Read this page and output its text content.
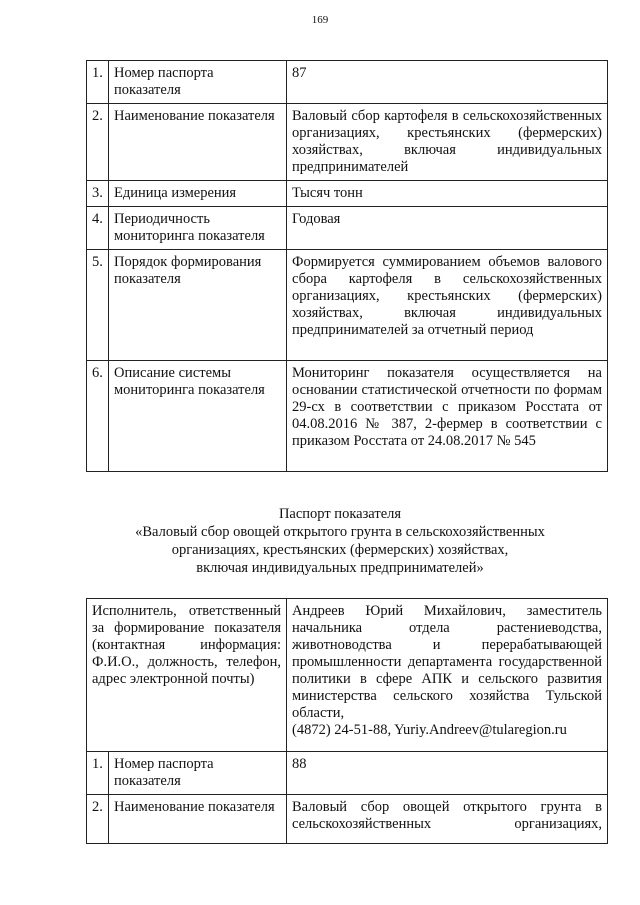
169
1.	Номер паспорта показателя	87
2.	Наименование показателя	Валовый сбор картофеля в сельскохозяйственных организациях, крестьянских (фермерских) хозяйствах, включая индивидуальных предпринимателей
3.	Единица измерения	Тысяч тонн
4.	Периодичность мониторинга показателя	Годовая
5.	Порядок формирования показателя	Формируется суммированием объемов валового сбора картофеля в сельскохозяйственных организациях, крестьянских (фермерских) хозяйствах, включая индивидуальных предпринимателей за отчетный период
6.	Описание системы мониторинга показателя	Мониторинг показателя осуществляется на основании статистической отчетности по формам 29-сх в соответствии с приказом Росстата от 04.08.2016 № 387, 2-фермер в соответствии с приказом Росстата от 24.08.2017 № 545
Паспорт показателя
«Валовый сбор овощей открытого грунта в сельскохозяйственных
организациях, крестьянских (фермерских) хозяйствах,
включая индивидуальных предпринимателей»
Исполнитель, ответственный за формирование показателя (контактная информация: Ф.И.О., должность, телефон, адрес электронной почты)		Андреев Юрий Михайлович, заместитель начальника отдела растениеводства, животноводства и перерабатывающей промышленности департамента государственной политики в сфере АПК и сельского развития министерства сельского хозяйства Тульской области,
(4872) 24-51-88, Yuriy.Andreev@tularegion.ru

1.	Номер паспорта показателя	88
2.	Наименование показателя	Валовый сбор овощей открытого грунта в сельскохозяйственных организациях,
